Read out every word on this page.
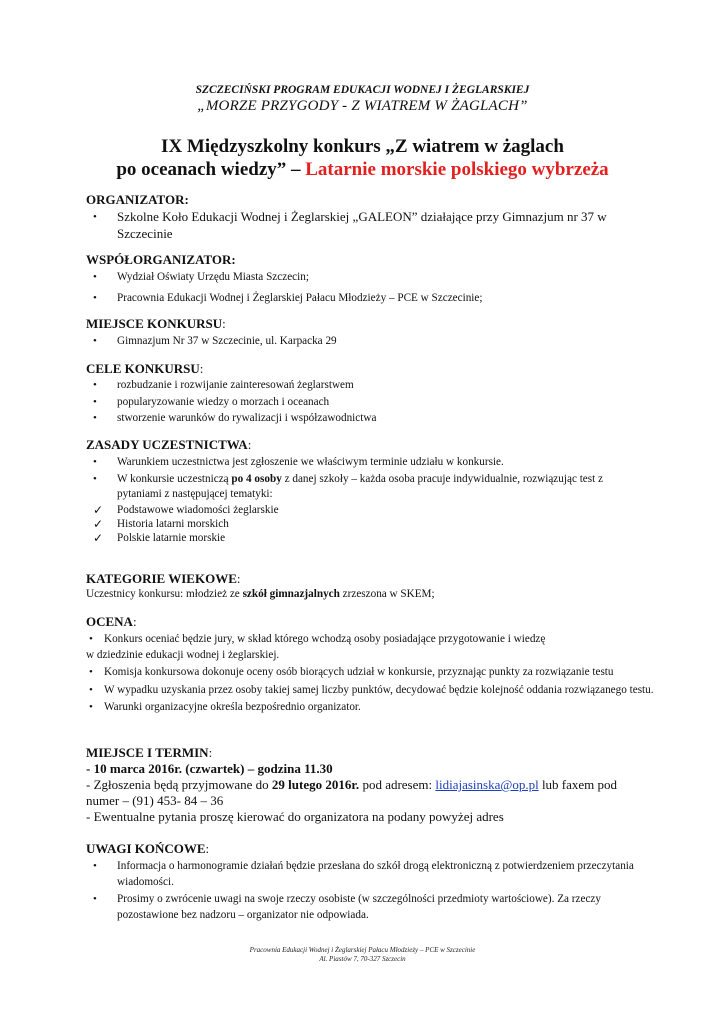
SZCZECIŃSKI PROGRAM EDUKACJI WODNEJ I ŻEGLARSKIEJ
„MORZE PRZYGODY - Z WIATREM W ŻAGLACH”
IX Międzyszkolny konkurs „Z wiatrem w żaglach
po oceanach wiedzy” – Latarnie morskie polskiego wybrzeża
ORGANIZATOR:
• Szkolne Koło Edukacji Wodnej i Żeglarskiej „GALEON” działające przy Gimnazjum nr 37 w Szczecinie
WSPÓŁORGANIZATOR:
• Wydział Oświaty Urzędu Miasta Szczecin;
• Pracownia Edukacji Wodnej i Żeglarskiej Pałacu Młodzieży – PCE w Szczecinie;
MIEJSCE KONKURSU:
• Gimnazjum Nr 37 w Szczecinie, ul. Karpacka 29
CELE KONKURSU:
• rozbudzanie i rozwijanie zainteresowań żeglarstwem
• popularyzowanie wiedzy o morzach i oceanach
• stworzenie warunków do rywalizacji i współzawodnictwa
ZASADY UCZESTNICTWA:
• Warunkiem uczestnictwa jest zgłoszenie we właściwym terminie udziału w konkursie.
• W konkursie uczestniczą po 4 osoby z danej szkoły – każda osoba pracuje indywidualnie, rozwiązując test z pytaniami z następującej tematyki:
✓ Podstawowe wiadomości żeglarskie
✓ Historia latarni morskich
✓ Polskie latarnie morskie
KATEGORIE WIEKOWE:
Uczestnicy konkursu: młodzież ze szkół gimnazjalnych zrzeszona w SKEM;
OCENA:
• Konkurs oceniać będzie jury, w skład którego wchodzą osoby posiadające przygotowanie i wiedzę
w dziedzinie edukacji wodnej i żeglarskiej.
• Komisja konkursowa dokonuje oceny osób biorących udział w konkursie, przyznając punkty za rozwiązanie testu
• W wypadku uzyskania przez osoby takiej samej liczby punktów, decydować będzie kolejność oddania rozwiązanego testu.
• Warunki organizacyjne określa bezpośrednio organizator.
MIEJSCE I TERMIN:
- 10 marca 2016r. (czwartek) – godzina 11.30
- Zgłoszenia będą przyjmowane do 29 lutego 2016r. pod adresem: lidiajasinska@op.pl lub faxem pod numer – (91) 453- 84 – 36
- Ewentualne pytania proszę kierować do organizatora na podany powyżej adres
UWAGI KOŃCOWE:
• Informacja o harmonogramie działań będzie przesłana do szkół drogą elektroniczną z potwierdzeniem przeczytania wiadomości.
• Prosimy o zwrócenie uwagi na swoje rzeczy osobiste (w szczególności przedmioty wartościowe). Za rzeczy pozostawione bez nadzoru – organizator nie odpowiada.
Pracownia Edukacji Wodnej i Żeglarskiej Pałacu Młodzieży – PCE w Szczecinie
Al. Piastów 7, 70-327 Szczecin
